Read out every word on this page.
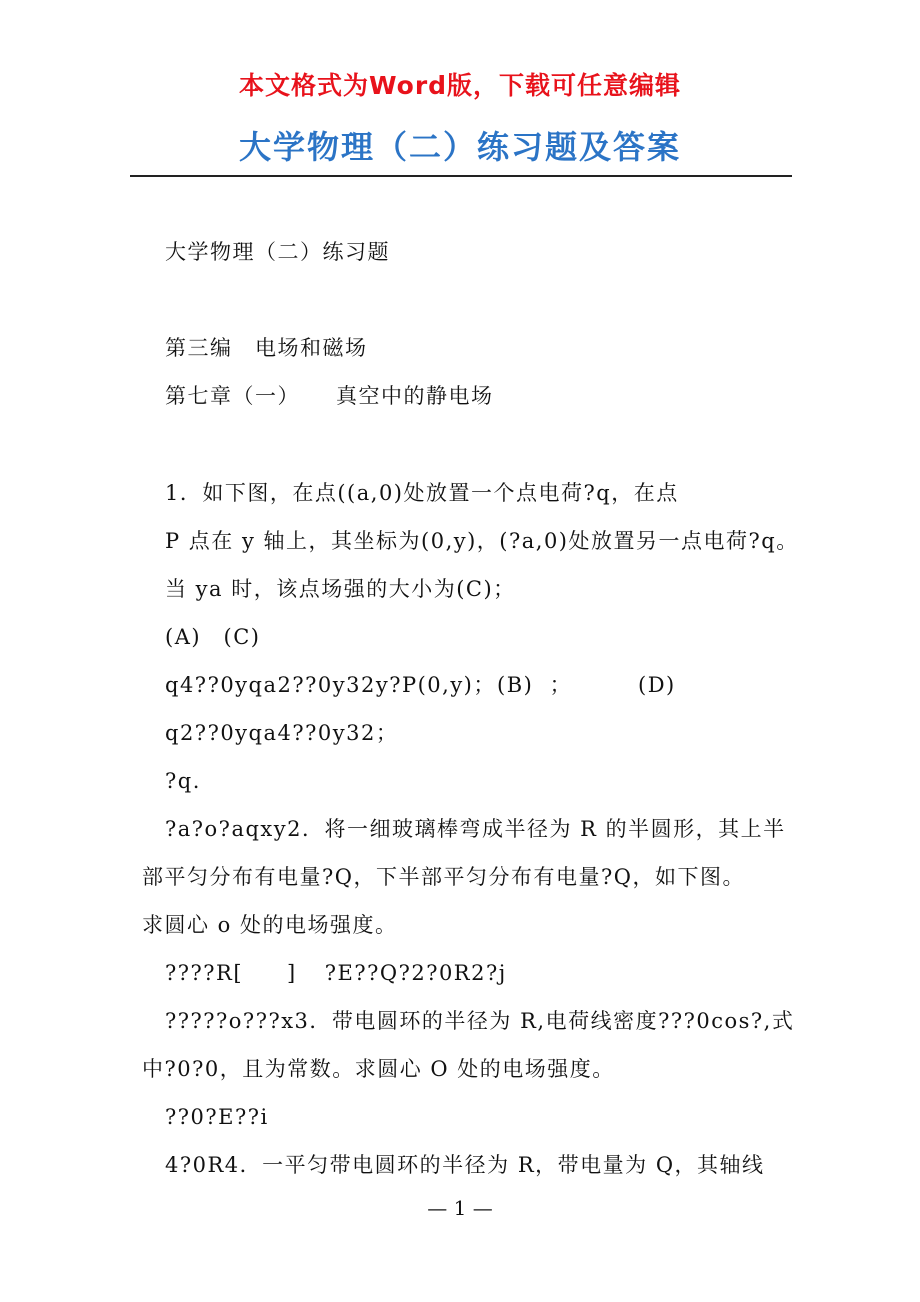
本文格式为Word版，下载可任意编辑
大学物理（二）练习题及答案
大学物理（二）练习题
第三编　电场和磁场
第七章（一） 真空中的静电场
1．如下图，在点((a,0)处放置一个点电荷?q，在点
P 点在 y 轴上，其坐标为(0,y)，(?a,0)处放置另一点电荷?q。
当 ya 时，该点场强的大小为(C)；
(A)　(C)
q4??0yqa2??0y32y?P(0,y)； (B)  ；	(D)
q2??0yqa4??0y32；
?q.
?a?o?aqxy2．将一细玻璃棒弯成半径为 R 的半圆形，其上半
部平匀分布有电量?Q，下半部平匀分布有电量?Q，如下图。
求圆心 o 处的电场强度。
????R[ ] ?E??Q?2?0R2?j
?????o???x3．带电圆环的半径为 R,电荷线密度???0cos?,式
中?0?0，且为常数。求圆心 O 处的电场强度。
??0?E??i
4?0R4．一平匀带电圆环的半径为 R，带电量为 Q，其轴线
— 1 —
